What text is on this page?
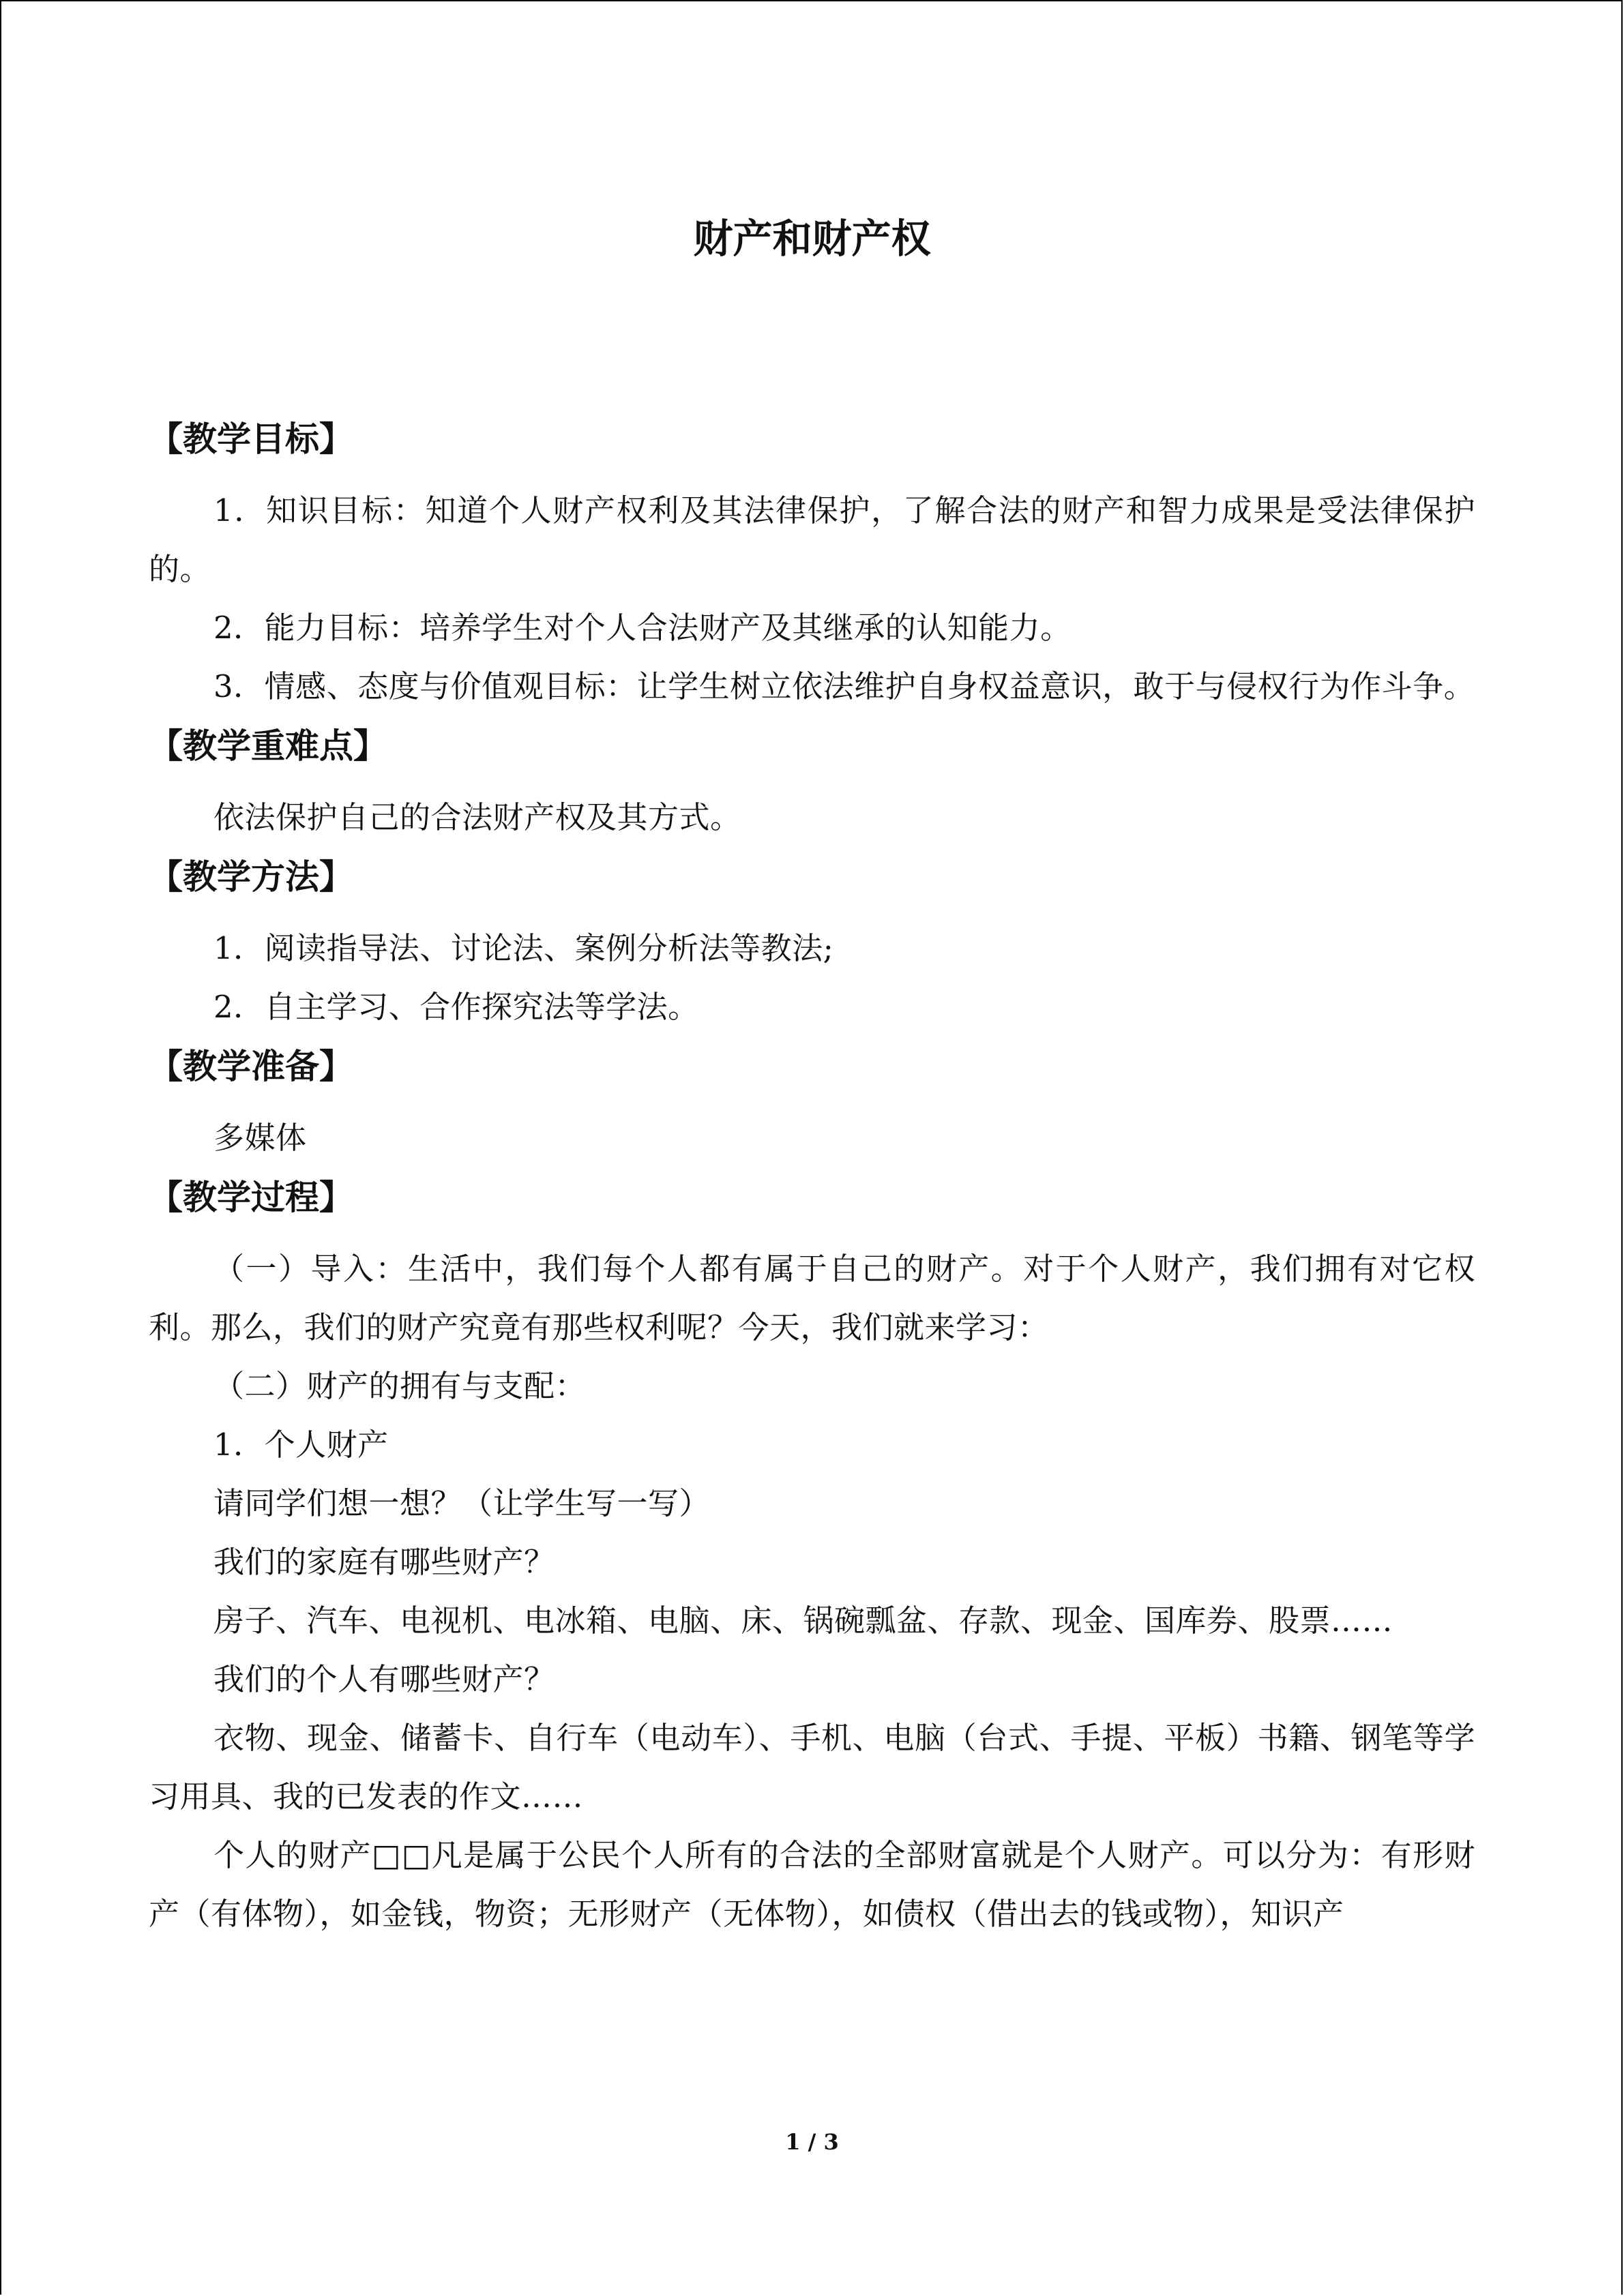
财产和财产权
【教学目标】

1．知识目标：知道个人财产权利及其法律保护，了解合法的财产和智力成果是受法律保护的。

2．能力目标：培养学生对个人合法财产及其继承的认知能力。

3．情感、态度与价值观目标：让学生树立依法维护自身权益意识，敢于与侵权行为作斗争。

【教学重难点】

依法保护自己的合法财产权及其方式。

【教学方法】

1．阅读指导法、讨论法、案例分析法等教法;

2．自主学习、合作探究法等学法。

【教学准备】

多媒体

【教学过程】

（一）导入：生活中，我们每个人都有属于自己的财产。对于个人财产，我们拥有对它权利。那么，我们的财产究竟有那些权利呢？今天，我们就来学习：

（二）财产的拥有与支配：

1．个人财产

请同学们想一想？（让学生写一写）

我们的家庭有哪些财产？

房子、汽车、电视机、电冰箱、电脑、床、锅碗瓢盆、存款、现金、国库券、股票……

我们的个人有哪些财产？

衣物、现金、储蓄卡、自行车（电动车）、手机、电脑（台式、手提、平板）书籍、钢笔等学习用具、我的已发表的作文……

个人的财产□□凡是属于公民个人所有的合法的全部财富就是个人财产。可以分为：有形财产（有体物），如金钱，物资；无形财产（无体物），如债权（借出去的钱或物），知识产

1 / 3
